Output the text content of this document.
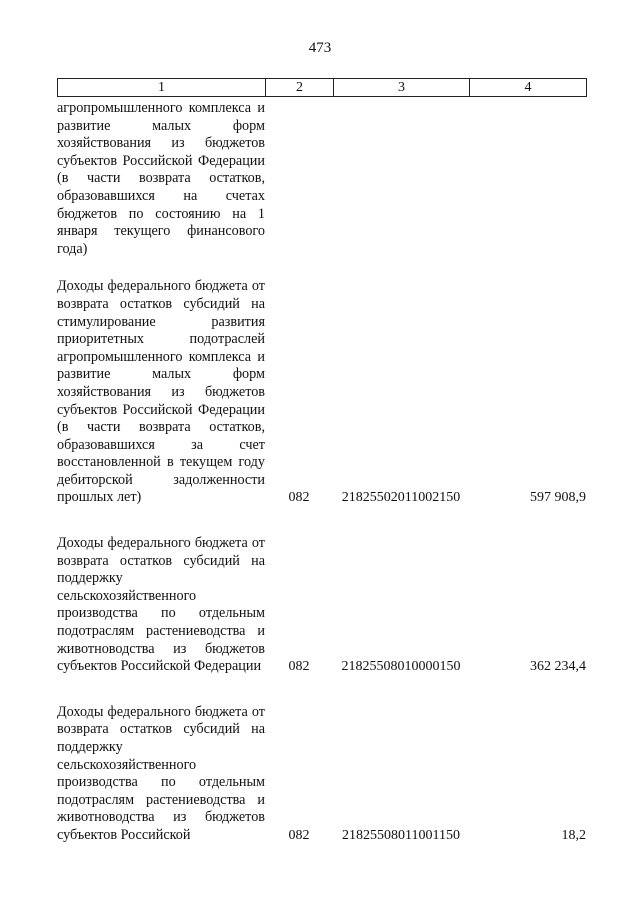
473
1	2	3	4
агропромышленного комплекса и развитие малых форм хозяйствования из бюджетов субъектов Российской Федерации (в части возврата остатков, образовавшихся на счетах бюджетов по состоянию на 1 января текущего финансового года)
Доходы федерального бюджета от возврата остатков субсидий на стимулирование развития приоритетных подотраслей агропромышленного комплекса и развитие малых форм хозяйствования из бюджетов субъектов Российской Федерации (в части возврата остатков, образовавшихся за счет восстановленной в текущем году дебиторской задолженности прошлых лет)	082	21825502011002150	597 908,9
Доходы федерального бюджета от возврата остатков субсидий на поддержку сельскохозяйственного производства по отдельным подотраслям растениеводства и животноводства из бюджетов субъектов Российской Федерации	082	21825508010000150	362 234,4
Доходы федерального бюджета от возврата остатков субсидий на поддержку сельскохозяйственного производства по отдельным подотраслям растениеводства и животноводства из бюджетов субъектов Российской	082	21825508011001150	18,2
